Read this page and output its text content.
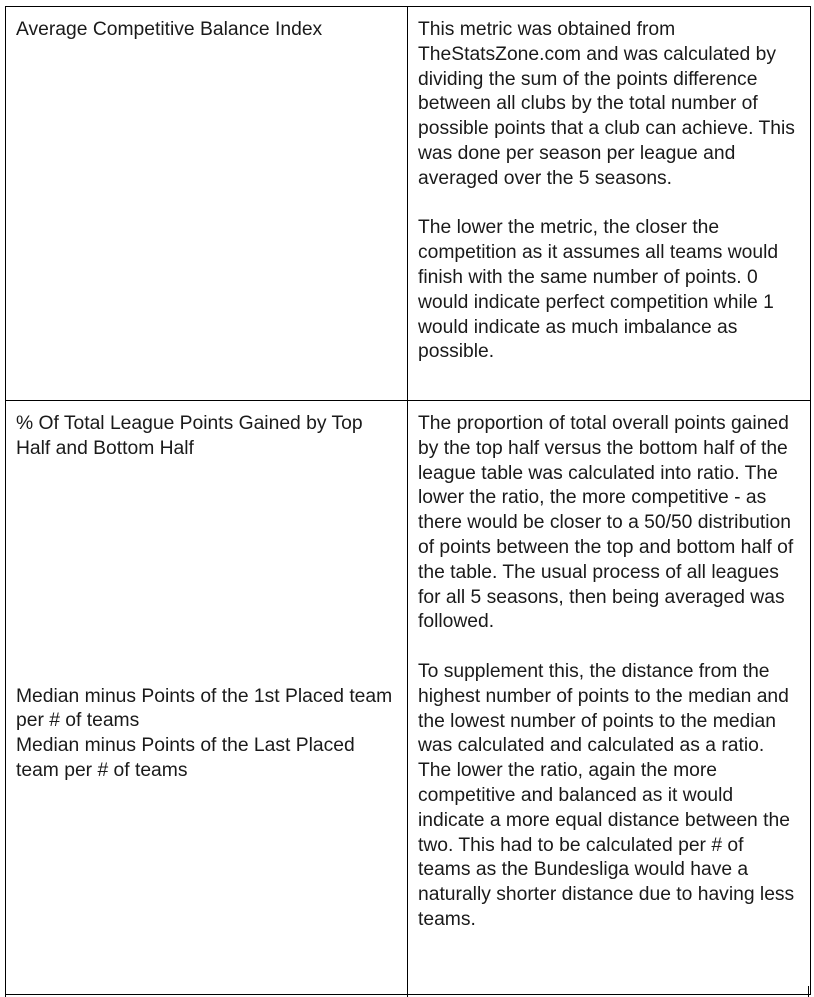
Average Competitive Balance Index	This metric was obtained from TheStatsZone.com and was calculated by dividing the sum of the points difference between all clubs by the total number of possible points that a club can achieve. This was done per season per league and averaged over the 5 seasons.

The lower the metric, the closer the competition as it assumes all teams would finish with the same number of points. 0 would indicate perfect competition while 1 would indicate as much imbalance as possible.

% Of Total League Points Gained by Top Half and Bottom Half

Median minus Points of the 1st Placed team per # of teams

Median minus Points of the Last Placed team per # of teams

The proportion of total overall points gained by the top half versus the bottom half of the league table was calculated into ratio. The lower the ratio, the more competitive - as there would be closer to a 50/50 distribution of points between the top and bottom half of the table. The usual process of all leagues for all 5 seasons, then being averaged was followed.

To supplement this, the distance from the highest number of points to the median and the lowest number of points to the median was calculated and calculated as a ratio. The lower the ratio, again the more competitive and balanced as it would indicate a more equal distance between the two. This had to be calculated per # of teams as the Bundesliga would have a naturally shorter distance due to having less teams.
